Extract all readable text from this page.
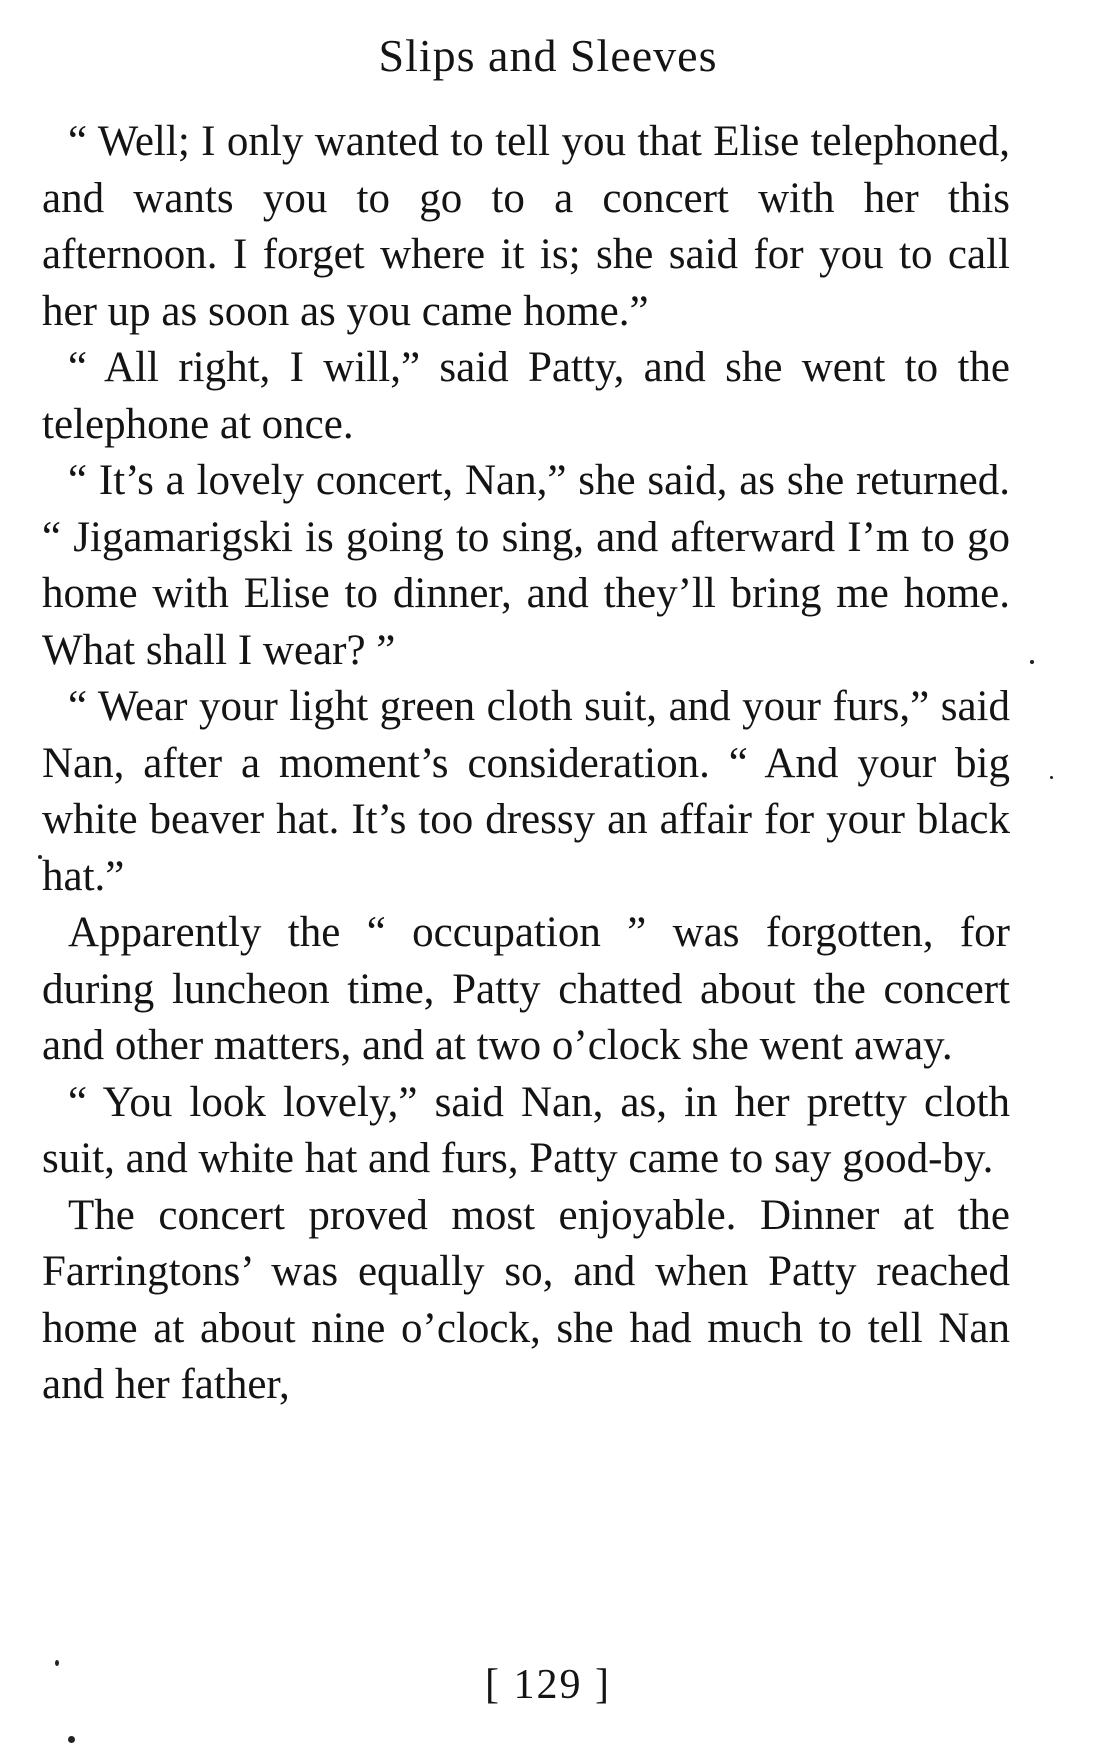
Slips and Sleeves

“ Well; I only wanted to tell you that Elise telephoned, and wants you to go to a concert with her this afternoon. I forget where it is; she said for you to call her up as soon as you came home.”

“ All right, I will,” said Patty, and she went to the telephone at once.

“ It’s a lovely concert, Nan,” she said, as she returned. “ Jigamarigski is going to sing, and afterward I’m to go home with Elise to dinner, and they’ll bring me home. What shall I wear? ”

“ Wear your light green cloth suit, and your furs,” said Nan, after a moment’s consideration. “ And your big white beaver hat. It’s too dressy an affair for your black hat.”

Apparently the “ occupation ” was forgotten, for during luncheon time, Patty chatted about the concert and other matters, and at two o’clock she went away.

“ You look lovely,” said Nan, as, in her pretty cloth suit, and white hat and furs, Patty came to say good-by.

The concert proved most enjoyable. Dinner at the Farringtons’ was equally so, and when Patty reached home at about nine o’clock, she had much to tell Nan and her father,

[ 129 ]
